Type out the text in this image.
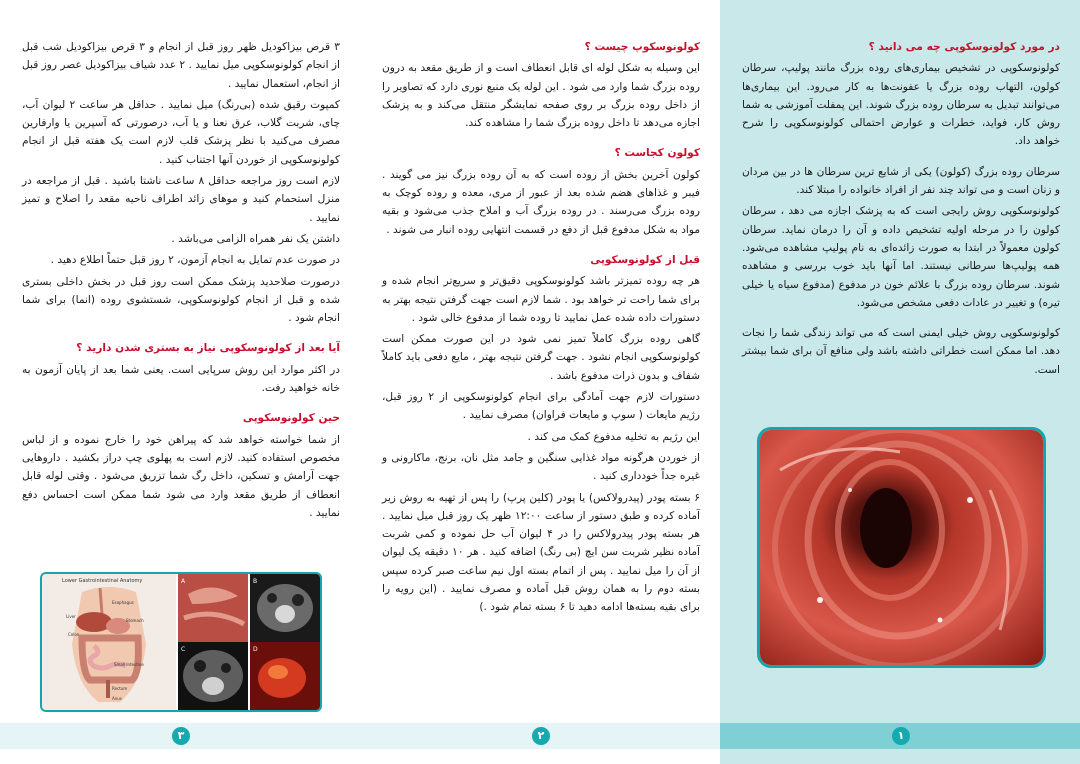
در مورد کولونوسکوپی چه می دانید ؟

کولونوسکوپی در تشخیص بیماری‌های روده بزرگ مانند پولیپ، سرطان کولون، التهاب روده بزرگ یا عفونت‌ها به کار می‌رود. این بیماری‌ها می‌توانند تبدیل به سرطان روده بزرگ شوند. این پمفلت آموزشی به شما روش کار، فواید، خطرات و عوارض احتمالی کولونوسکوپی را شرح خواهد داد.

سرطان روده بزرگ (کولون) یکی از شایع ترین سرطان ها در بین مردان و زنان است و می تواند چند نفر از افراد خانواده را مبتلا کند.

کولونوسکوپی روش رایجی است که به پزشک اجازه می دهد ، سرطان کولون را در مرحله اولیه تشخیص داده و آن را درمان نماید. سرطان کولون معمولاً در ابتدا به صورت زائده‌ای به نام پولیپ مشاهده می‌شود. همه پولیپ‌ها سرطانی نیستند. اما آنها باید خوب بررسی و مشاهده شوند. سرطان روده بزرگ با علائم خون در مدفوع (مدفوع سیاه یا خیلی تیره) و تغییر در عادات دفعی مشخص می‌شود.

کولونوسکوپی روش خیلی ایمنی است که می تواند زندگی شما را نجات دهد. اما ممکن است خطراتی داشته باشد ولی منافع آن برای شما بیشتر است.

۱
کولونوسکوپ چیست ؟

این وسیله به شکل لوله ای قابل انعطاف است و از طریق مقعد به درون روده بزرگ شما وارد می شود . این لوله یک منبع نوری دارد که تصاویر را از داخل روده بزرگ بر روی صفحه نمایشگر منتقل می‌کند و به پزشک اجازه می‌دهد تا داخل روده بزرگ شما را مشاهده کند.

کولون کجاست ؟

کولون آخرین بخش از روده است که به آن روده بزرگ نیز می گویند . فیبر و غذاهای هضم شده بعد از عبور از مری، معده و روده کوچک به روده بزرگ می‌رسند . در روده بزرگ آب و املاح جذب می‌شود و بقیه مواد به شکل مدفوع قبل از دفع در قسمت انتهایی روده انبار می شوند .

قبل از کولونوسکوپی

هر چه روده تمیزتر باشد کولونوسکوپی دقیق‌تر و سریع‌تر انجام شده و برای شما راحت تر خواهد بود . شما لازم است جهت گرفتن نتیجه بهتر به دستورات داده شده عمل نمایید تا روده شما از مدفوع خالی شود .

گاهی روده بزرگ کاملاً تمیز نمی شود در این صورت ممکن است کولونوسکوپی انجام نشود . جهت گرفتن نتیجه بهتر ، مایع دفعی باید کاملاً شفاف و بدون ذرات مدفوع باشد .

دستورات لازم جهت آمادگی برای انجام کولونوسکوپی از ۲ روز قبل، رژیم مایعات ( سوپ و مایعات فراوان) مصرف نمایید .

این رژیم به تخلیه مدفوع کمک می کند .

از خوردن هرگونه مواد غذایی سنگین و جامد مثل نان، برنج، ماکارونی و غیره جداً خودداری کنید .

۶ بسته پودر (پیدرولاکس) یا پودر (کلین پرپ) را پس از تهیه به روش زیر آماده کرده و طبق دستور از ساعت ۱۲:۰۰ ظهر یک روز قبل میل نمایید . هر بسته پودر پیدرولاکس را در ۴ لیوان آب حل نموده و کمی شربت آماده نظیر شربت سن ایچ (بی رنگ) اضافه کنید . هر ۱۰ دقیقه یک لیوان از آن را میل نمایید . پس از اتمام بسته اول نیم ساعت صبر کرده سپس بسته دوم را به همان روش قبل آماده و مصرف نمایید . (این رویه را برای بقیه بسته‌ها ادامه دهید تا ۶ بسته تمام شود .)

۲

۳ قرص بیزاکودیل ظهر روز قبل از انجام و ۳ قرص بیزاکودیل شب قبل از انجام کولونوسکوپی میل نمایید . ۲ عدد شیاف بیزاکودیل عصر روز قبل از انجام، استعمال نمایید .

کمپوت رقیق شده (بی‌رنگ) میل نمایید . حداقل هر ساعت ۲ لیوان آب، چای، شربت گلاب، عرق نعنا و یا آب، درصورتی که آسپرین یا وارفارین مصرف می‌کنید با نظر پزشک قلب لازم است یک هفته قبل از انجام کولونوسکوپی از خوردن آنها اجتناب کنید .

لازم است روز مراجعه حداقل ۸ ساعت ناشتا باشید . قبل از مراجعه در منزل استحمام کنید و موهای زائد اطراف ناحیه مقعد را اصلاح و تمیز نمایید .

داشتن یک نفر همراه الزامی می‌باشد .

در صورت عدم تمایل به انجام آزمون، ۲ روز قبل حتماً اطلاع دهید .

درصورت صلاحدید پزشک ممکن است روز قبل در بخش داخلی بستری شده و قبل از انجام کولونوسکوپی، شستشوی روده (انما) برای شما انجام شود .

آیا بعد از کولونوسکوپی نیاز به بستری شدن دارید ؟

در اکثر موارد این روش سرپایی است. یعنی شما بعد از پایان آزمون به خانه خواهید رفت.

حین کولونوسکوپی

از شما خواسته خواهد شد که پیراهن خود را خارج نموده و از لباس مخصوص استفاده کنید. لازم است به پهلوی چپ دراز بکشید . داروهایی جهت آرامش و تسکین، داخل رگ شما تزریق می‌شود . وقتی لوله قابل انعطاف از طریق مقعد وارد می شود شما ممکن است احساس دفع نمایید .

۳
Lower Gastrointestinal Anatomy
Esophagus
Liver
Stomach
Colon
Small Intestine
Rectum
Anus
A	B
C	D
